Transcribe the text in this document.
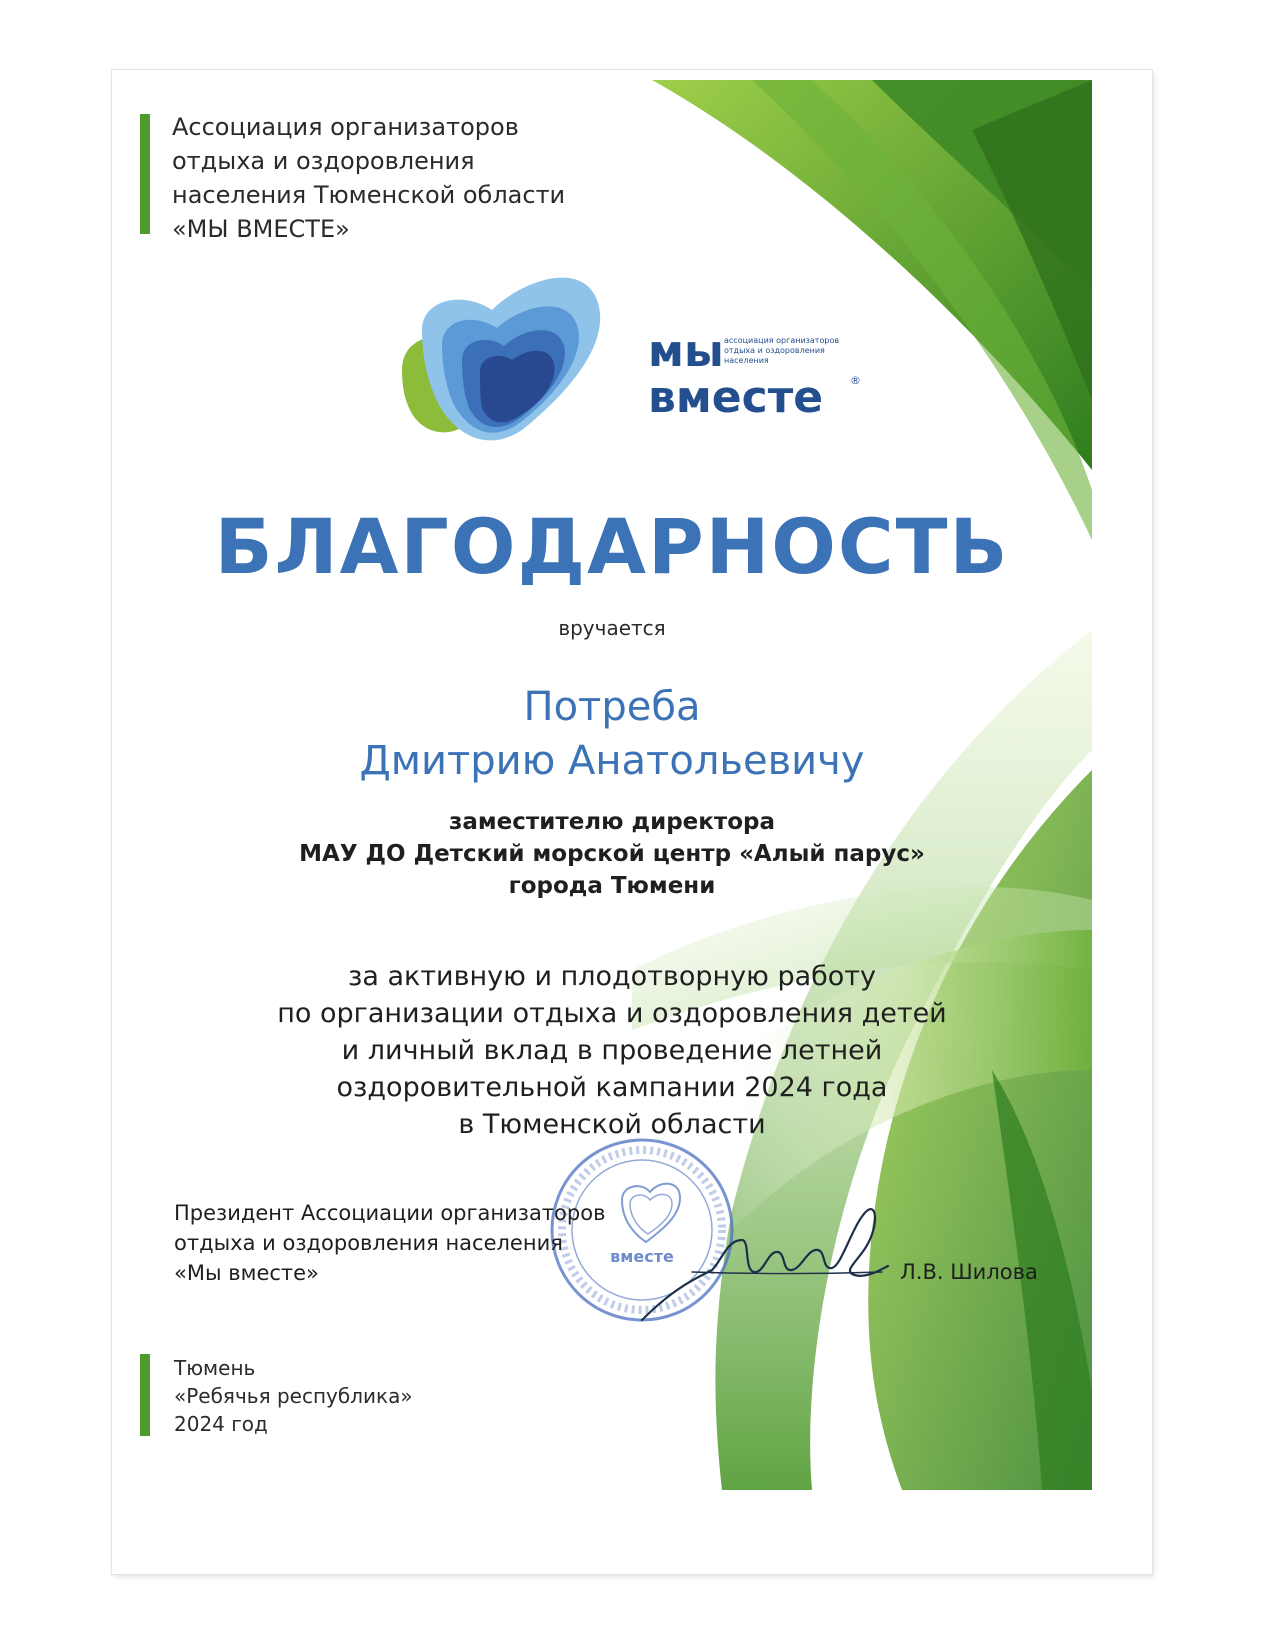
Ассоциация организаторов
отдыха и оздоровления
населения Тюменской области
«МЫ ВМЕСТЕ»
мы
вместе
ассоциация организаторов
отдыха и оздоровления
населения
®
БЛАГОДАРНОСТЬ
вручается
Потреба
Дмитрию Анатольевичу
заместителю директора
МАУ ДО Детский морской центр «Алый парус»
города Тюмени
за активную и плодотворную работу
по организации отдыха и оздоровления детей
и личный вклад в проведение летней
оздоровительной кампании 2024 года
в Тюменской области
вместе
Президент Ассоциации организаторов
отдыха и оздоровления населения
«Мы вместе»	Л.В. Шилова
Тюмень
«Ребячья республика»
2024 год
